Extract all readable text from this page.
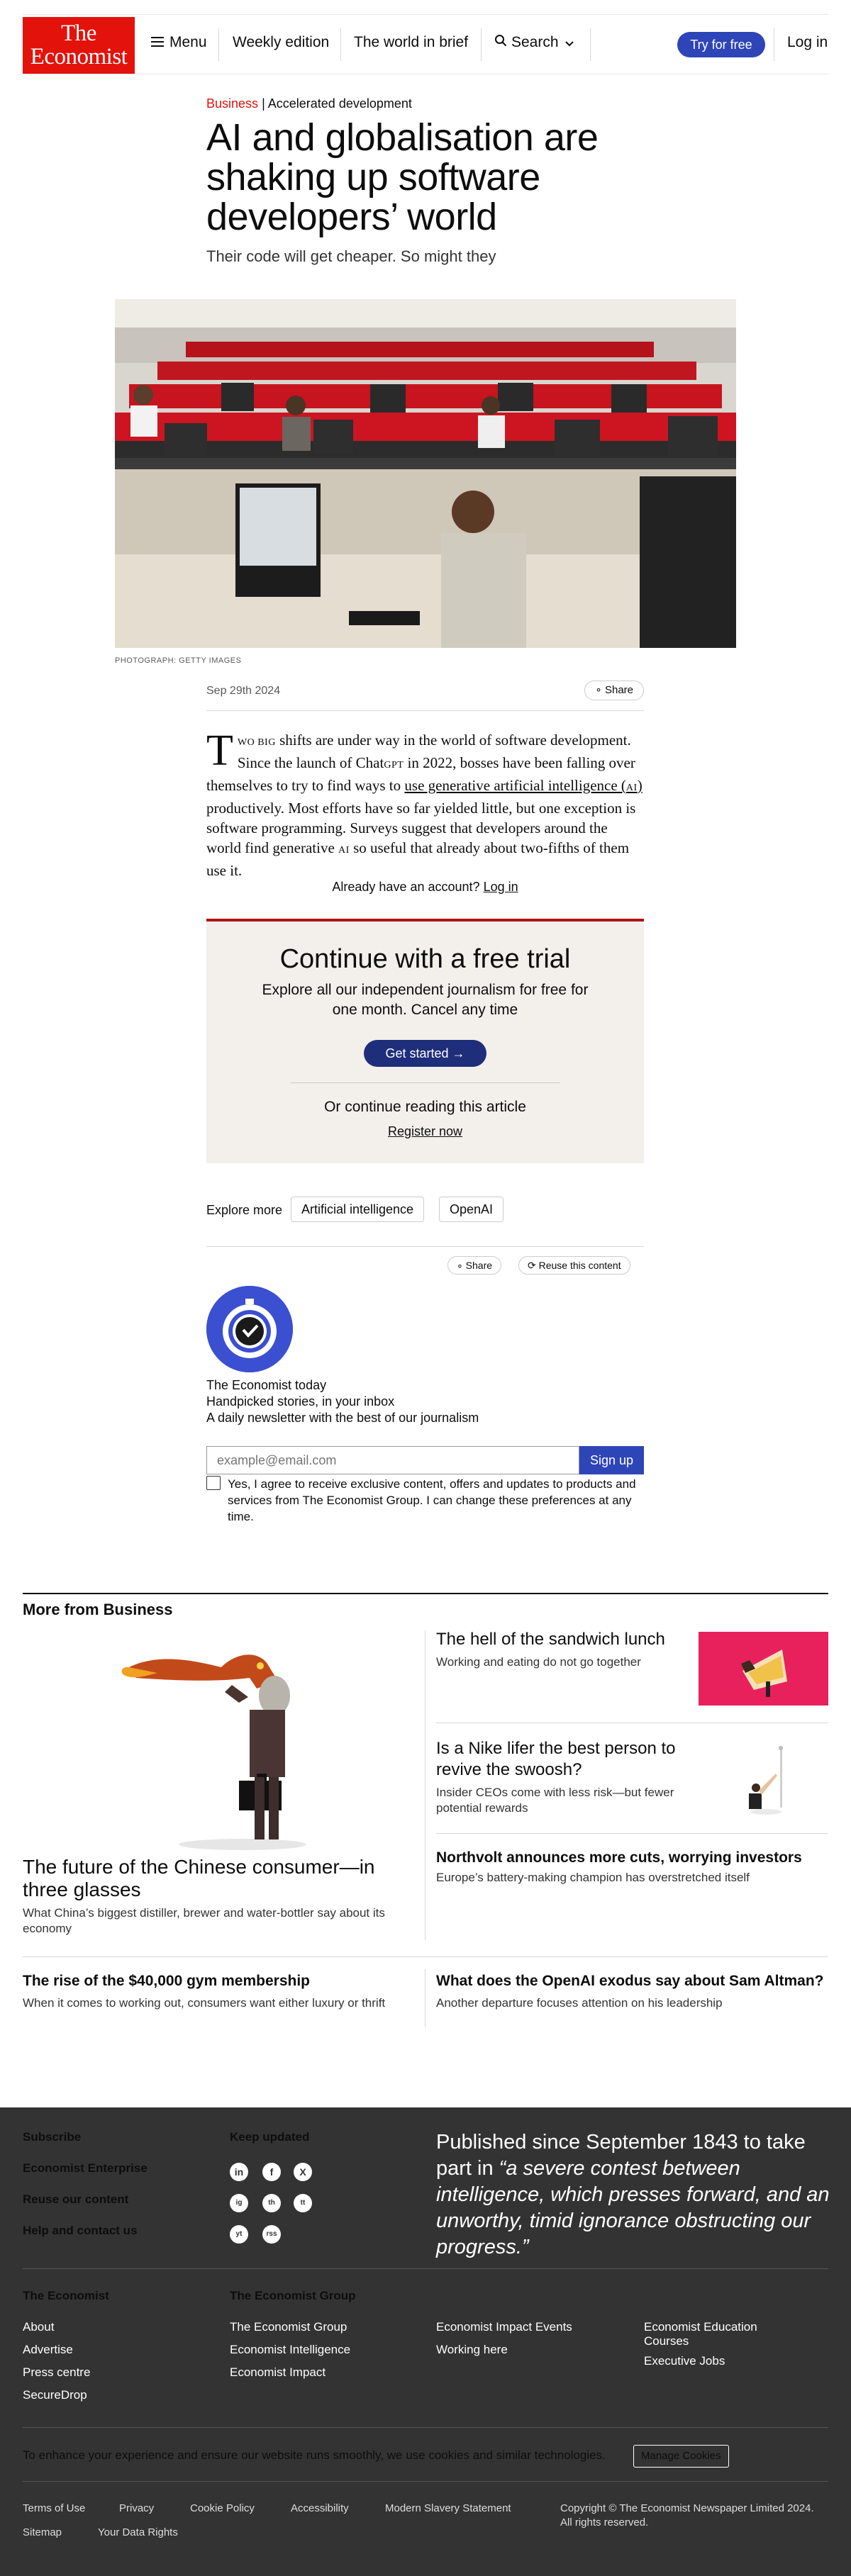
The
Economist
Menu Weekly edition The world in brief	Search	Try for free	Log in
Business | Accelerated development
AI and globalisation are shaking up software developers’ world
Their code will get cheaper. So might they
PHOTOGRAPH: GETTY IMAGES
Sep 29th 2024	∘ Share
TWO BIG shifts are under way in the world of software development. Since the launch of ChatGPT in 2022, bosses have been falling over themselves to try to find ways to use generative artificial intelligence (AI) productively. Most efforts have so far yielded little, but one exception is software programming. Surveys suggest that developers around the world find generative AI so useful that already about two-fifths of them use it.
Already have an account? Log in
Continue with a free trial

Explore all our independent journalism for free for one month. Cancel any time

Get started →
Or continue reading this article
Register now
Explore more	Artificial intelligence	OpenAI
∘ Share	⟳ Reuse this content
The Economist today
Handpicked stories, in your inbox
A daily newsletter with the best of our journalism
example@email.com
Sign up
Yes, I agree to receive exclusive content, offers and updates to products and services from The Economist Group. I can change these preferences at any time.
More from Business
The future of the Chinese consumer—in three glasses
What China’s biggest distiller, brewer and water-bottler say about its economy
The hell of the sandwich lunch
Working and eating do not go together
Is a Nike lifer the best person to revive the swoosh?
Insider CEOs come with less risk—but fewer potential rewards
Northvolt announces more cuts, worrying investors
Europe’s battery-making champion has overstretched itself
The rise of the $40,000 gym membership
When it comes to working out, consumers want either luxury or thrift
What does the OpenAI exodus say about Sam Altman?
Another departure focuses attention on his leadership
Subscribe
Economist Enterprise
Reuse our content
Help and contact us
Keep updated
in	f	X
ig	th	tt
yt	rss
Published since September 1843 to take part in “a severe contest between intelligence, which presses forward, and an unworthy, timid ignorance obstructing our progress.”
The Economist
About
Advertise
Press centre
SecureDrop
The Economist Group
The Economist Group
Economist Intelligence
Economist Impact
Economist Impact Events
Working here
Economist Education Courses
Executive Jobs
To enhance your experience and ensure our website runs smoothly, we use cookies and similar technologies.	Manage Cookies
Terms of Use	Privacy	Cookie Policy	Accessibility	Modern Slavery Statement
Sitemap	Your Data Rights
Copyright © The Economist Newspaper Limited 2024.
All rights reserved.
